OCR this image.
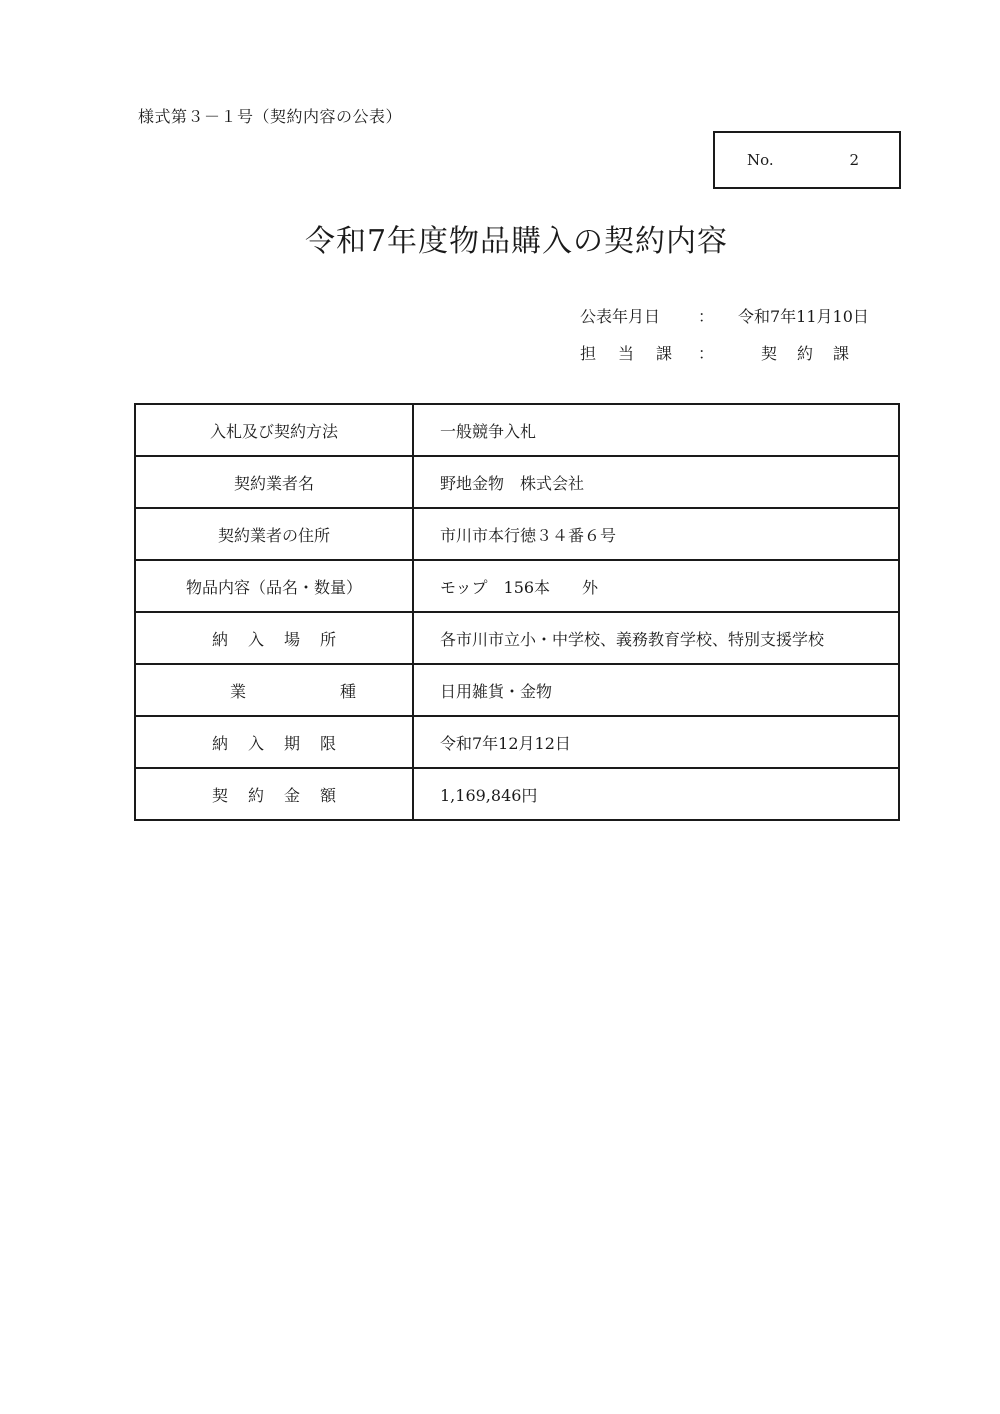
様式第３－１号（契約内容の公表）
No.	2
令和7年度物品購入の契約内容
公表年月日 ： 令和7年11月10日
担当課 ：	契約課
入札及び契約方法	一般競争入札
契約業者名	野地金物　株式会社
契約業者の住所	市川市本行徳３４番６号
物品内容（品名・数量）	モップ　156本　　外
納入場所	各市川市立小・中学校、義務教育学校、特別支援学校
業種	日用雑貨・金物
納入期限	令和7年12月12日
契約金額	1,169,846円
